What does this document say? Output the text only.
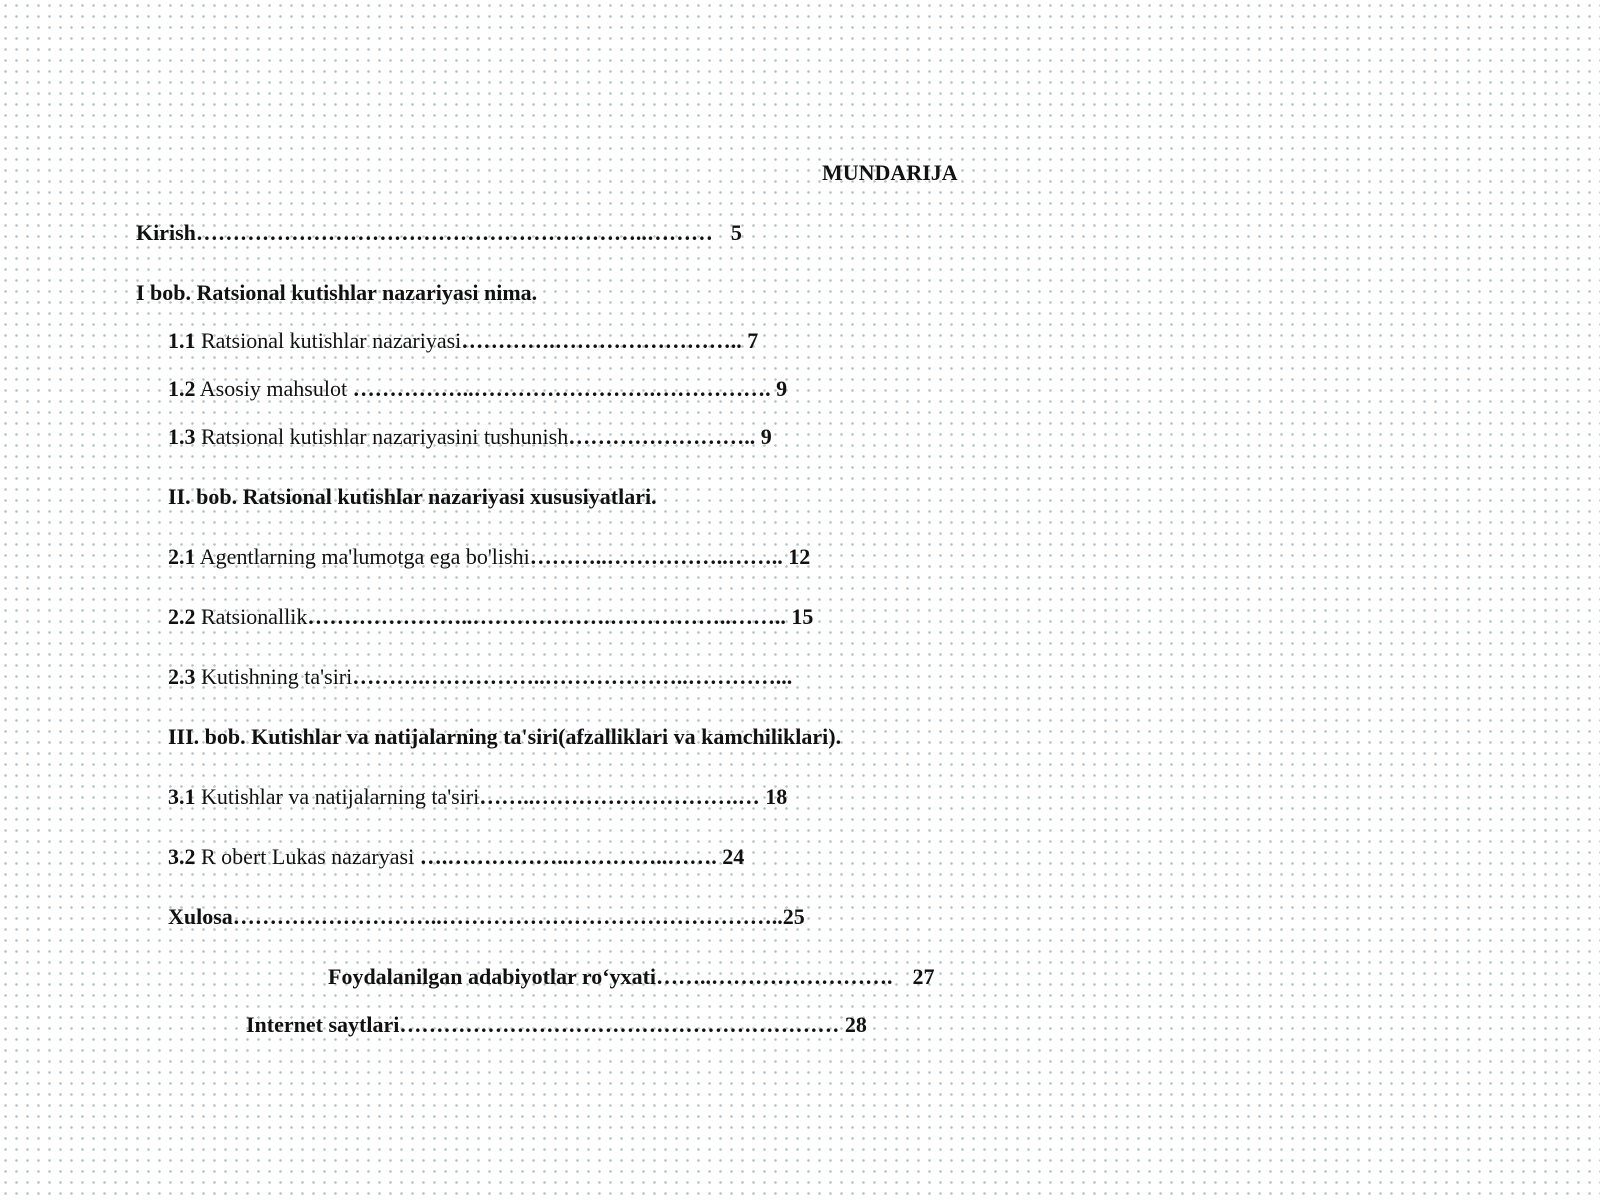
MUNDARIJA
Kirish……………………………………………………..……… 5
I bob. Ratsional kutishlar nazariyasi nima.
1.1 Ratsional kutishlar nazariyasi………….…………………….. 7
1.2 Asosiy mahsulot ……………..…………………….……………. 9
1.3 Ratsional kutishlar nazariyasini tushunish…………………….. 9
II. bob. Ratsional kutishlar nazariyasi xususiyatlari.
2.1 Agentlarning ma'lumotga ega bo'lishi………..……………..…….. 12
2.2 Ratsionallik…………………..……………….……………..…….. 15
2.3 Kutishning ta'siri……….……………..………………..…………...
III. bob. Kutishlar va natijalarning ta'siri(afzalliklari va kamchiliklari).
3.1 Kutishlar va natijalarning ta'siri……..……………………….… 18
3.2 R obert Lukas nazaryasi ….……………..…………..……. 24
Xulosa………………………..………………………………………..25
Foydalanilgan adabiyotlar ro‘yxati……..……………………. 27
Internet saytlari…………………………………………………… 28
